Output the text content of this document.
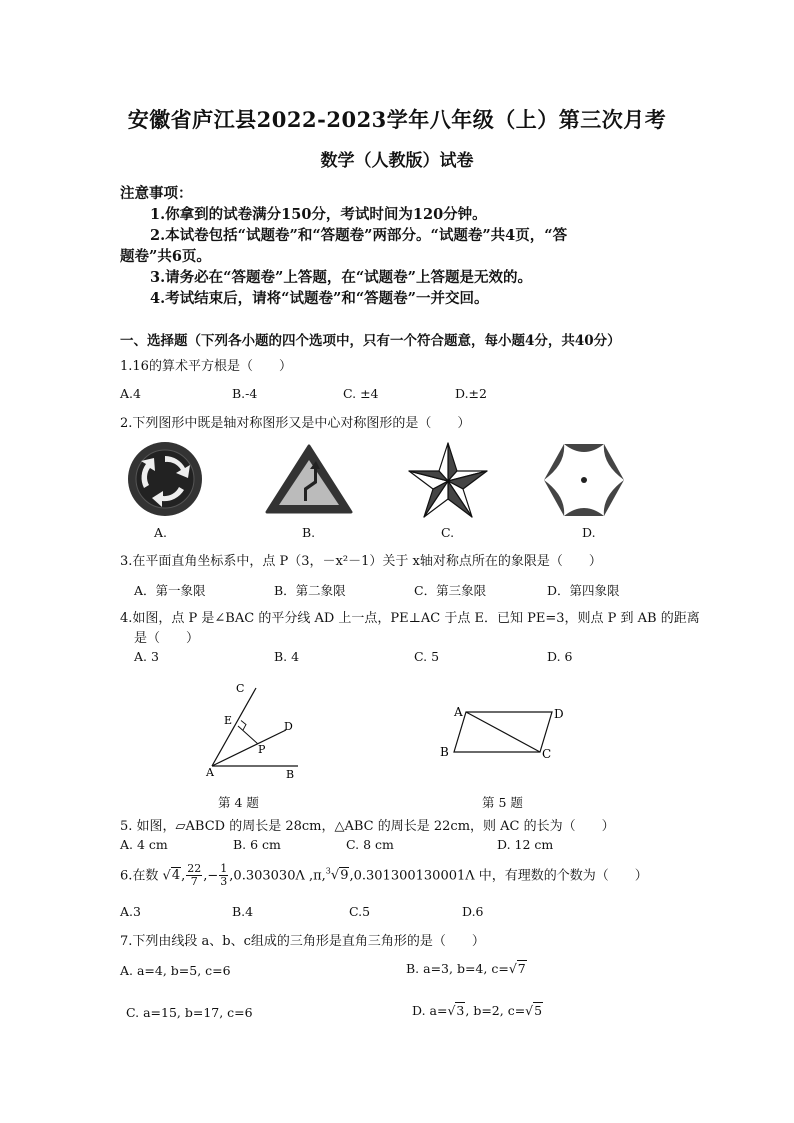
安徽省庐江县2022-2023学年八年级（上）第三次月考
数学（人教版）试卷
注意事项：
1.你拿到的试卷满分150分，考试时间为120分钟。
2.本试卷包括“试题卷”和“答题卷”两部分。“试题卷”共4页，“答
题卷”共6页。
3.请务必在“答题卷”上答题，在“试题卷”上答题是无效的。
4.考试结束后，请将“试题卷”和“答题卷”一并交回。
一、选择题（下列各小题的四个选项中，只有一个符合题意，每小题4分，共40分）
1.16的算术平方根是（　　）
A.4	B.-4	C. ±4	D.±2
2.下列图形中既是轴对称图形又是中心对称图形的是（　　）
A.	B.	C.	D.
3.在平面直角坐标系中，点 P（3，－x²－1）关于 x轴对称点所在的象限是（　　）
A．第一象限	B．第二象限	C．第三象限	D．第四象限
4.如图，点 P 是∠BAC 的平分线 AD 上一点，PE⊥AC 于点 E．已知 PE=3，则点 P 到 AB 的距离
是（　　）
A. 3	B. 4	C. 5	D. 6
A	B
C
D
E
P
第 4 题
A	D
B	C
第 5 题
5. 如图，▱ABCD 的周长是 28cm，△ABC 的周长是 22cm，则 AC 的长为（　　）
A. 4 cm	B. 6 cm	C. 8 cm	D. 12 cm
6.在数 √4, $\frac{22}{7}$ ,− $\frac{1}{3} ,0.303030\Lambda$ ,π,$^3$√9,0.301300130001Λ 中，有理数的个数为（　　）
A.3	B.4	C.5	D.6
7.下列由线段 a、b、c组成的三角形是直角三角形的是（　　）
A. a=4, b=5, c=6	B. a=3, b=4, c=√7
C. a=15, b=17, c=6	D. a=√3, b=2, c=√5
